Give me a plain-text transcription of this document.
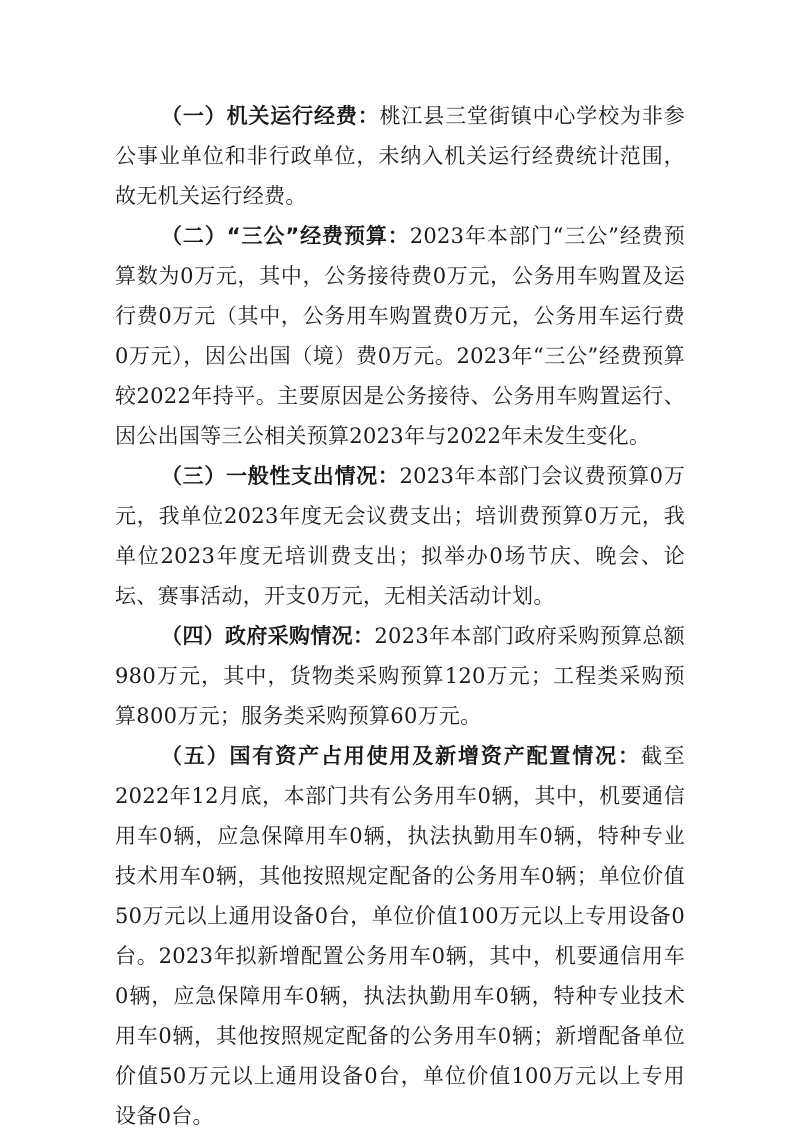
（一）机关运行经费：桃江县三堂街镇中心学校为非参公事业单位和非行政单位，未纳入机关运行经费统计范围，故无机关运行经费。

（二）“三公”经费预算：2023年本部门“三公”经费预算数为0万元，其中，公务接待费0万元，公务用车购置及运行费0万元（其中，公务用车购置费0万元，公务用车运行费0万元），因公出国（境）费0万元。2023年“三公”经费预算较2022年持平。主要原因是公务接待、公务用车购置运行、因公出国等三公相关预算2023年与2022年未发生变化。

（三）一般性支出情况：2023年本部门会议费预算0万元，我单位2023年度无会议费支出；培训费预算0万元，我单位2023年度无培训费支出；拟举办0场节庆、晚会、论坛、赛事活动，开支0万元，无相关活动计划。

（四）政府采购情况：2023年本部门政府采购预算总额980万元，其中，货物类采购预算120万元；工程类采购预算800万元；服务类采购预算60万元。

（五）国有资产占用使用及新增资产配置情况：截至2022年12月底，本部门共有公务用车0辆，其中，机要通信用车0辆，应急保障用车0辆，执法执勤用车0辆，特种专业技术用车0辆，其他按照规定配备的公务用车0辆；单位价值50万元以上通用设备0台，单位价值100万元以上专用设备0台。2023年拟新增配置公务用车0辆，其中，机要通信用车0辆，应急保障用车0辆，执法执勤用车0辆，特种专业技术用车0辆，其他按照规定配备的公务用车0辆；新增配备单位价值50万元以上通用设备0台，单位价值100万元以上专用设备0台。
